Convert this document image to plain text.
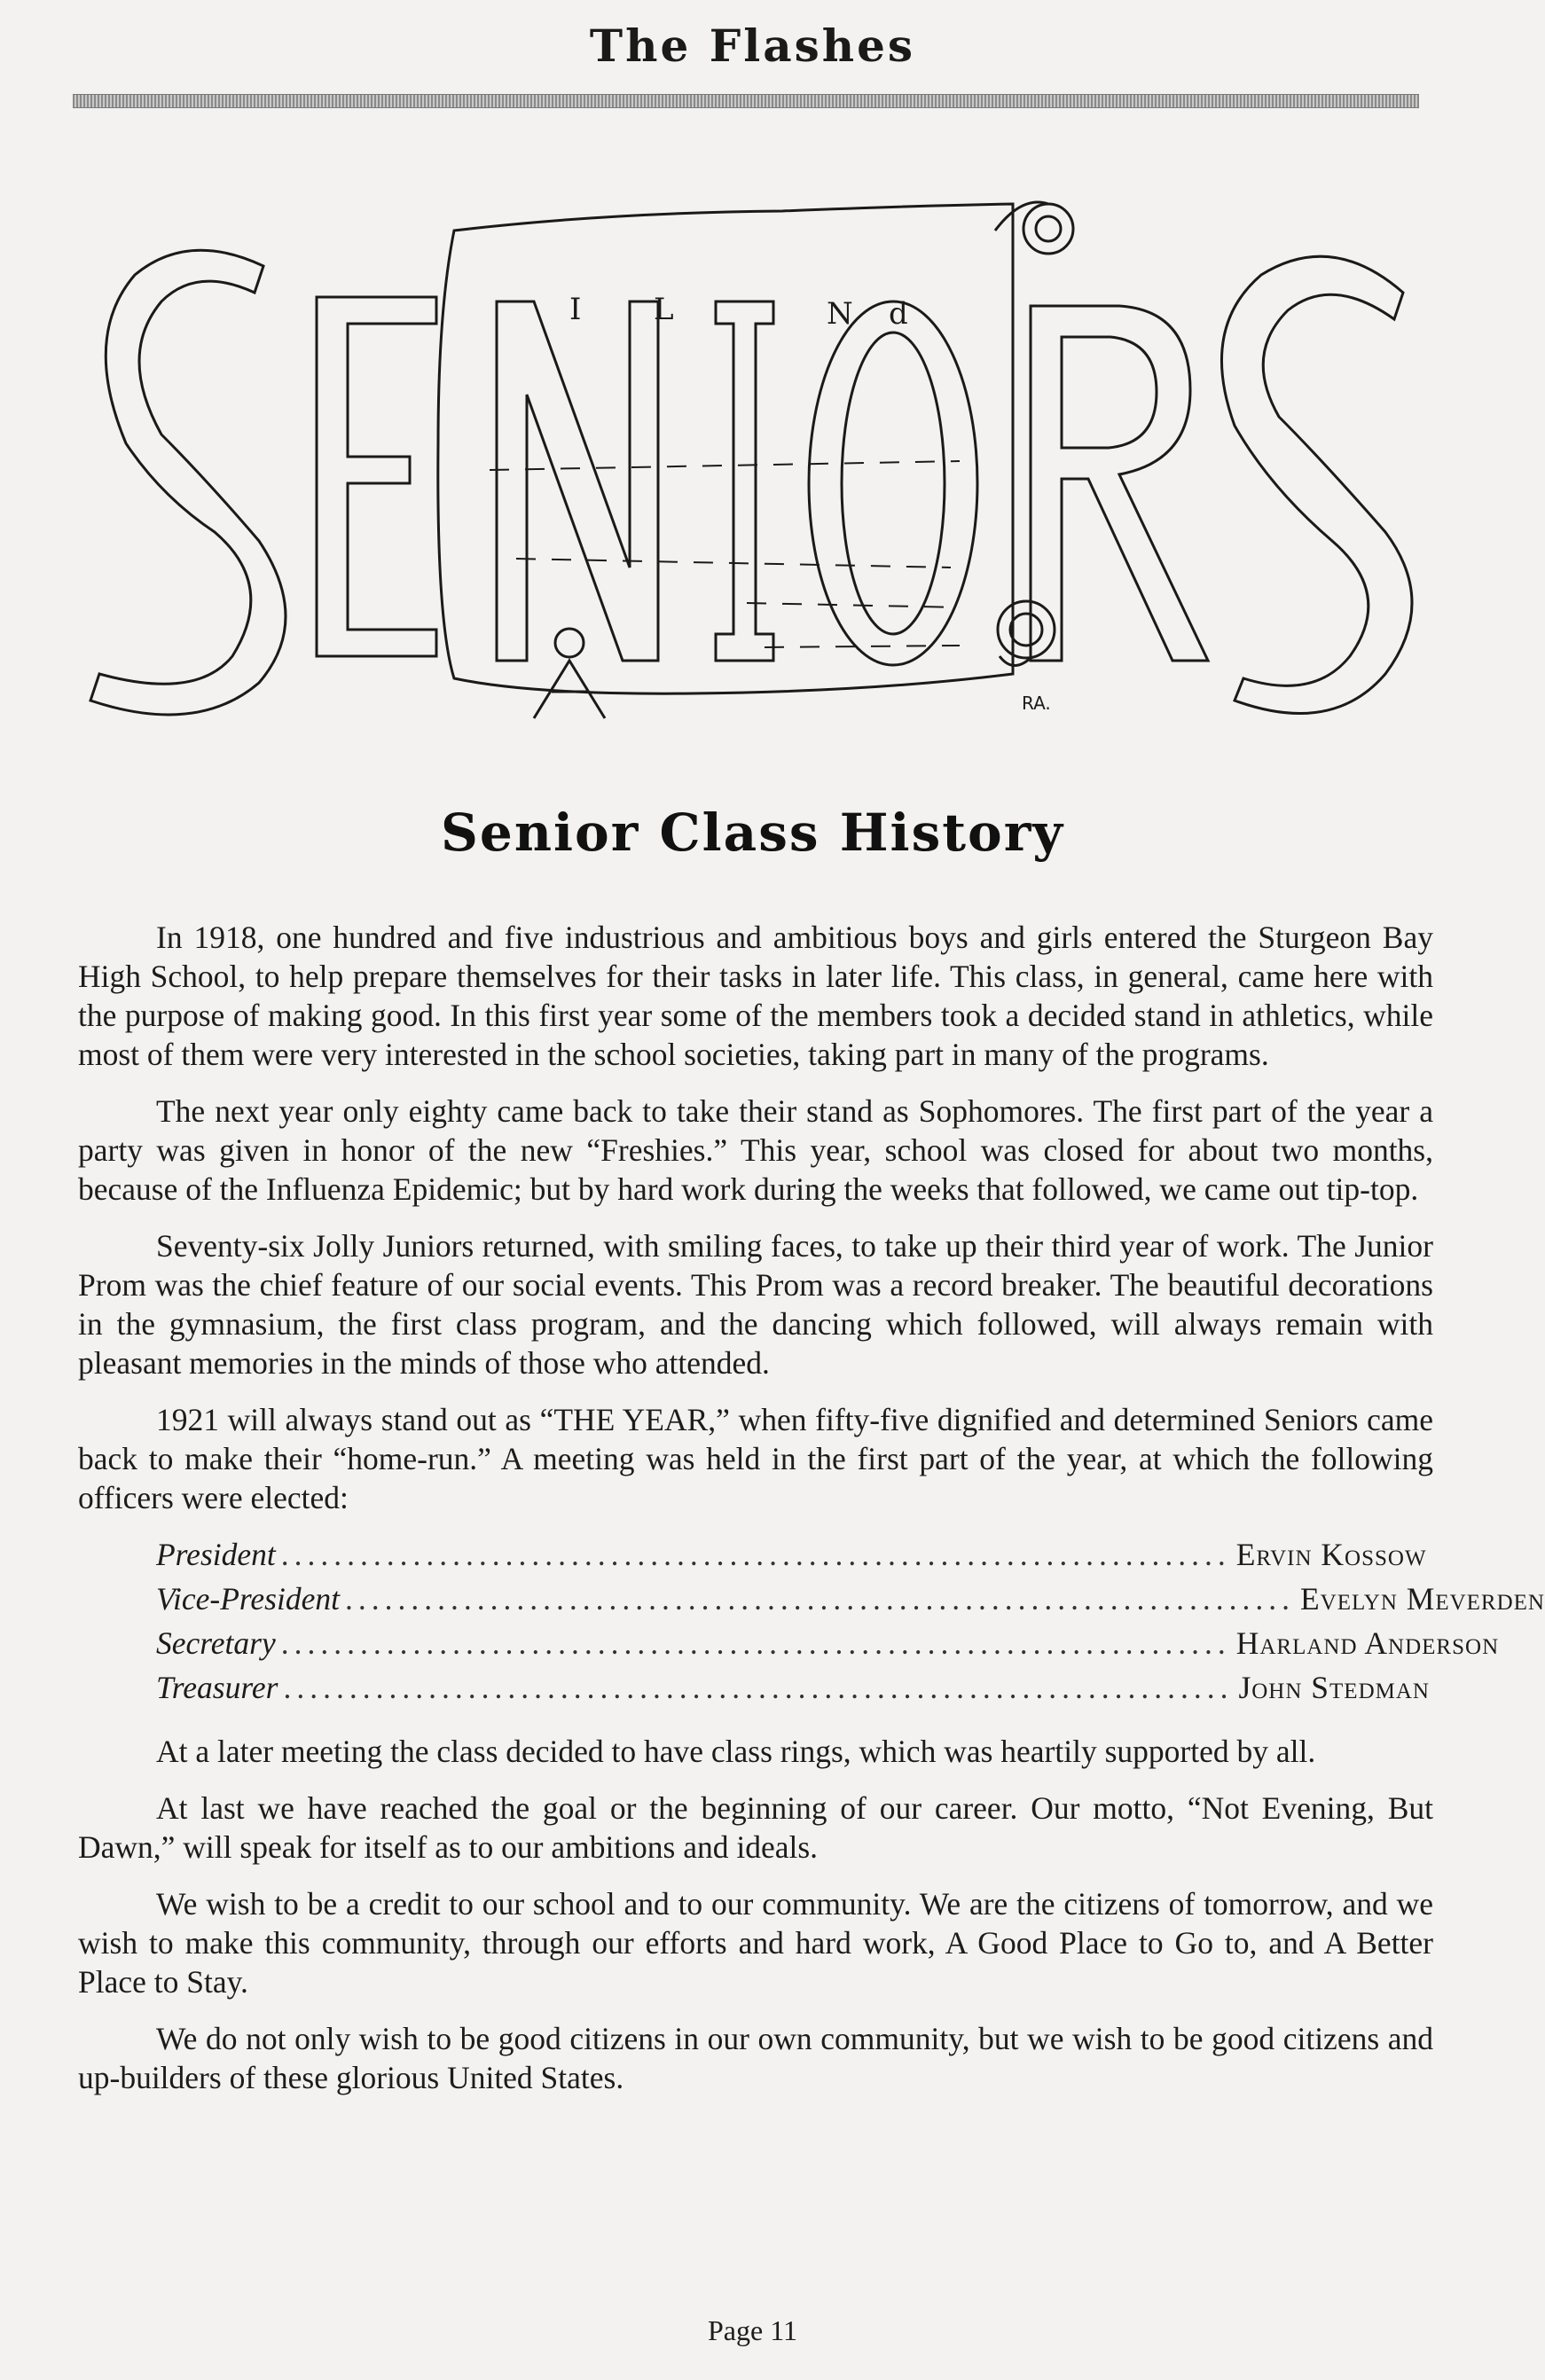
The Flashes
I L	N d
RA.
Senior Class History

In 1918, one hundred and five industrious and ambitious boys and girls entered the Sturgeon Bay High School, to help prepare themselves for their tasks in later life. This class, in general, came here with the purpose of making good. In this first year some of the members took a decided stand in athletics, while most of them were very interested in the school societies, taking part in many of the programs.

The next year only eighty came back to take their stand as Sophomores. The first part of the year a party was given in honor of the new “Freshies.” This year, school was closed for about two months, because of the Influenza Epidemic; but by hard work during the weeks that followed, we came out tip-top.

Seventy-six Jolly Juniors returned, with smiling faces, to take up their third year of work. The Junior Prom was the chief feature of our social events. This Prom was a record breaker. The beautiful decorations in the gymnasium, the first class program, and the dancing which followed, will always remain with pleasant memories in the minds of those who attended.

1921 will always stand out as “THE YEAR,” when fifty-five dignified and determined Seniors came back to make their “home-run.” A meeting was held in the first part of the year, at which the following officers were elected:

President ........................................................................ Ervin Kossow
Vice-President ........................................................................ Evelyn Meverden
Secretary ........................................................................ Harland Anderson
Treasurer ........................................................................ John Stedman

At a later meeting the class decided to have class rings, which was heartily supported by all.

At last we have reached the goal or the beginning of our career. Our motto, “Not Evening, But Dawn,” will speak for itself as to our ambitions and ideals.

We wish to be a credit to our school and to our community. We are the citizens of tomorrow, and we wish to make this community, through our efforts and hard work, A Good Place to Go to, and A Better Place to Stay.

We do not only wish to be good citizens in our own community, but we wish to be good citizens and up-builders of these glorious United States.

Page 11
